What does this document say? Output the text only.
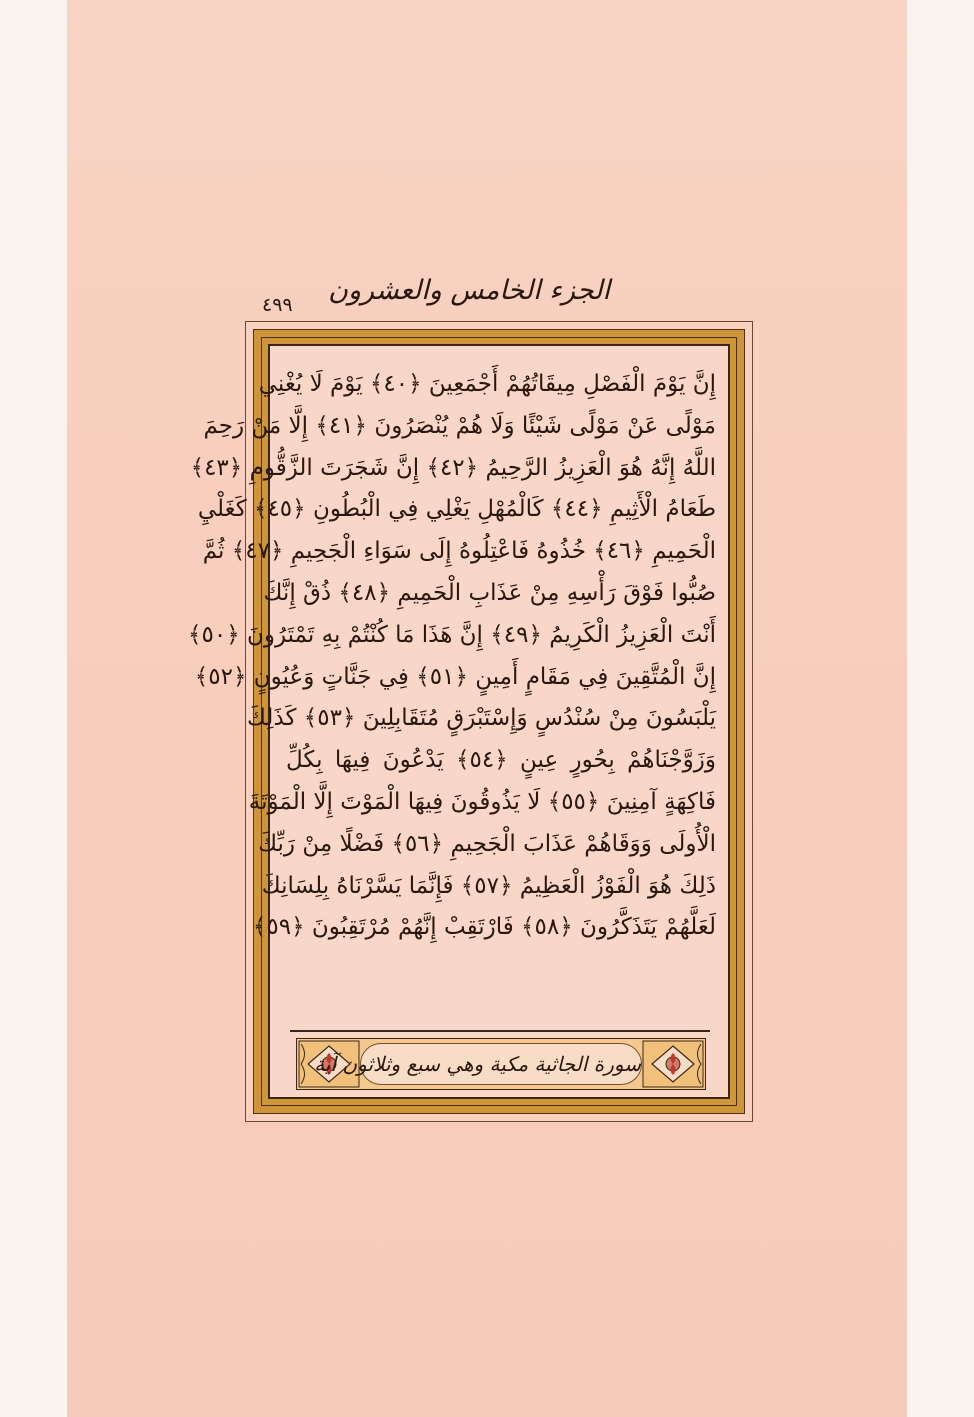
الجزء الخامس والعشرون
٤٩٩
إِنَّ يَوْمَ الْفَصْلِ مِيقَاتُهُمْ أَجْمَعِينَ ﴿٤٠﴾ يَوْمَ لَا يُغْنِي
مَوْلًى عَنْ مَوْلًى شَيْئًا وَلَا هُمْ يُنْصَرُونَ ﴿٤١﴾ إِلَّا مَنْ رَحِمَ
اللَّهُ إِنَّهُ هُوَ الْعَزِيزُ الرَّحِيمُ ﴿٤٢﴾ إِنَّ شَجَرَتَ الزَّقُّومِ ﴿٤٣﴾
طَعَامُ الْأَثِيمِ ﴿٤٤﴾ كَالْمُهْلِ يَغْلِي فِي الْبُطُونِ ﴿٤٥﴾ كَغَلْيِ
الْحَمِيمِ ﴿٤٦﴾ خُذُوهُ فَاعْتِلُوهُ إِلَى سَوَاءِ الْجَحِيمِ ﴿٤٧﴾ ثُمَّ
صُبُّوا فَوْقَ رَأْسِهِ مِنْ عَذَابِ الْحَمِيمِ ﴿٤٨﴾ ذُقْ إِنَّكَ
أَنْتَ الْعَزِيزُ الْكَرِيمُ ﴿٤٩﴾ إِنَّ هَذَا مَا كُنْتُمْ بِهِ تَمْتَرُونَ ﴿٥٠﴾
إِنَّ الْمُتَّقِينَ فِي مَقَامٍ أَمِينٍ ﴿٥١﴾ فِي جَنَّاتٍ وَعُيُونٍ ﴿٥٢﴾
يَلْبَسُونَ مِنْ سُنْدُسٍ وَإِسْتَبْرَقٍ مُتَقَابِلِينَ ﴿٥٣﴾ كَذَلِكَ
وَزَوَّجْنَاهُمْ بِحُورٍ عِينٍ ﴿٥٤﴾ يَدْعُونَ فِيهَا بِكُلِّ
فَاكِهَةٍ آمِنِينَ ﴿٥٥﴾ لَا يَذُوقُونَ فِيهَا الْمَوْتَ إِلَّا الْمَوْتَةَ
الْأُولَى وَوَقَاهُمْ عَذَابَ الْجَحِيمِ ﴿٥٦﴾ فَضْلًا مِنْ رَبِّكَ
ذَلِكَ هُوَ الْفَوْزُ الْعَظِيمُ ﴿٥٧﴾ فَإِنَّمَا يَسَّرْنَاهُ بِلِسَانِكَ
لَعَلَّهُمْ يَتَذَكَّرُونَ ﴿٥٨﴾ فَارْتَقِبْ إِنَّهُمْ مُرْتَقِبُونَ ﴿٥٩﴾
سورة الجاثية مكية وهي سبع وثلاثون آية
